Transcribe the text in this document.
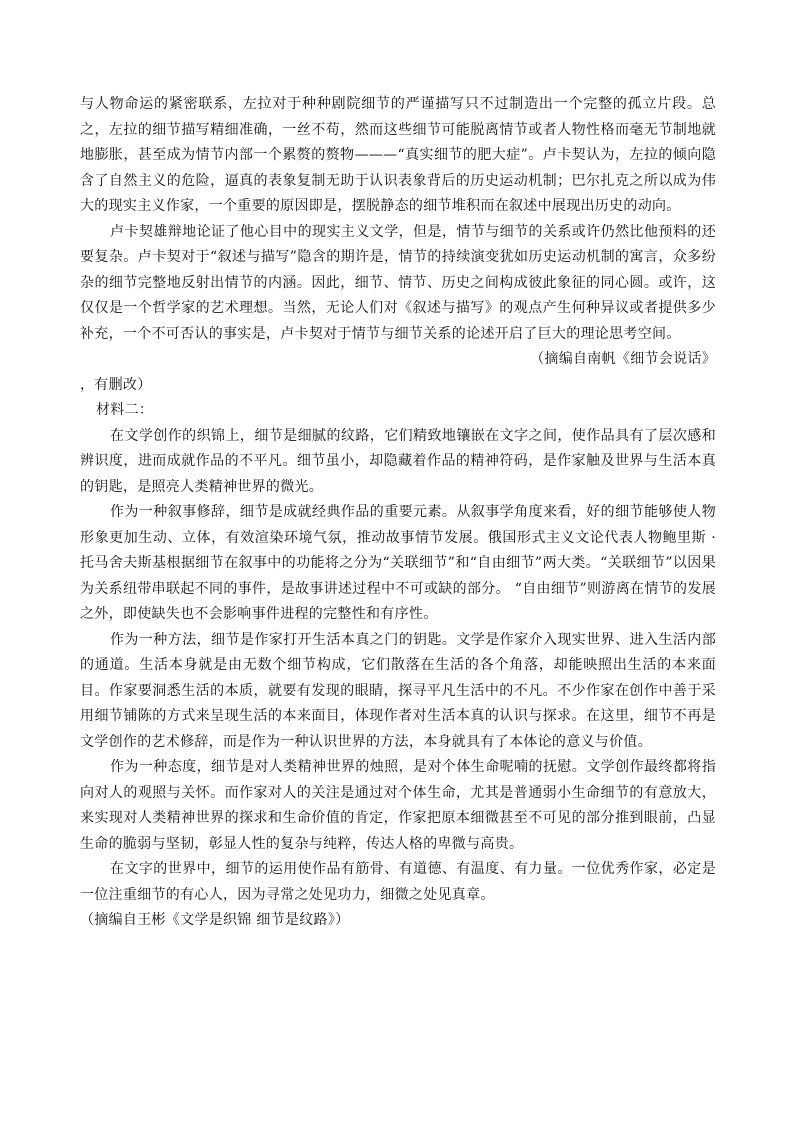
与人物命运的紧密联系，左拉对于种种剧院细节的严谨描写只不过制造出一个完整的孤立片段。总之，左拉的细节描写精细准确，一丝不苟，然而这些细节可能脱离情节或者人物性格而毫无节制地就地膨胀，甚至成为情节内部一个累赘的赘物———“真实细节的肥大症”。卢卡契认为，左拉的倾向隐含了自然主义的危险，逼真的表象复制无助于认识表象背后的历史运动机制；巴尔扎克之所以成为伟大的现实主义作家，一个重要的原因即是，摆脱静态的细节堆积而在叙述中展现出历史的动向。

卢卡契雄辩地论证了他心目中的现实主义文学，但是，情节与细节的关系或许仍然比他预料的还要复杂。卢卡契对于“叙述与描写”隐含的期许是，情节的持续演变犹如历史运动机制的寓言，众多纷杂的细节完整地反射出情节的内涵。因此，细节、情节、历史之间构成彼此象征的同心圆。或许，这仅仅是一个哲学家的艺术理想。当然，无论人们对《叙述与描写》的观点产生何种异议或者提供多少补充，一个不可否认的事实是，卢卡契对于情节与细节关系的论述开启了巨大的理论思考空间。
（摘编自南帆《细节会说话》

，有删改）

材料二：

在文学创作的织锦上，细节是细腻的纹路，它们精致地镶嵌在文字之间，使作品具有了层次感和辨识度，进而成就作品的不平凡。细节虽小，却隐藏着作品的精神符码，是作家触及世界与生活本真的钥匙，是照亮人类精神世界的微光。

作为一种叙事修辞，细节是成就经典作品的重要元素。从叙事学角度来看，好的细节能够使人物形象更加生动、立体，有效渲染环境气氛，推动故事情节发展。俄国形式主义文论代表人物鲍里斯 ·托马舍夫斯基根据细节在叙事中的功能将之分为“关联细节”和“自由细节”两大类。“关联细节”以因果为关系纽带串联起不同的事件，是故事讲述过程中不可或缺的部分。 “自由细节”则游离在情节的发展之外，即使缺失也不会影响事件进程的完整性和有序性。

作为一种方法，细节是作家打开生活本真之门的钥匙。文学是作家介入现实世界、进入生活内部的通道。生活本身就是由无数个细节构成，它们散落在生活的各个角落，却能映照出生活的本来面目。作家要洞悉生活的本质，就要有发现的眼睛，探寻平凡生活中的不凡。不少作家在创作中善于采用细节铺陈的方式来呈现生活的本来面目，体现作者对生活本真的认识与探求。在这里，细节不再是文学创作的艺术修辞，而是作为一种认识世界的方法，本身就具有了本体论的意义与价值。

作为一种态度，细节是对人类精神世界的烛照，是对个体生命呢喃的抚慰。文学创作最终都将指向对人的观照与关怀。而作家对人的关注是通过对个体生命，尤其是普通弱小生命细节的有意放大，来实现对人类精神世界的探求和生命价值的肯定，作家把原本细微甚至不可见的部分推到眼前，凸显生命的脆弱与坚韧，彰显人性的复杂与纯粹，传达人格的卑微与高贵。

在文字的世界中，细节的运用使作品有筋骨、有道德、有温度、有力量。一位优秀作家，必定是一位注重细节的有心人，因为寻常之处见功力，细微之处见真章。

（摘编自王彬《文学是织锦 细节是纹路》）
